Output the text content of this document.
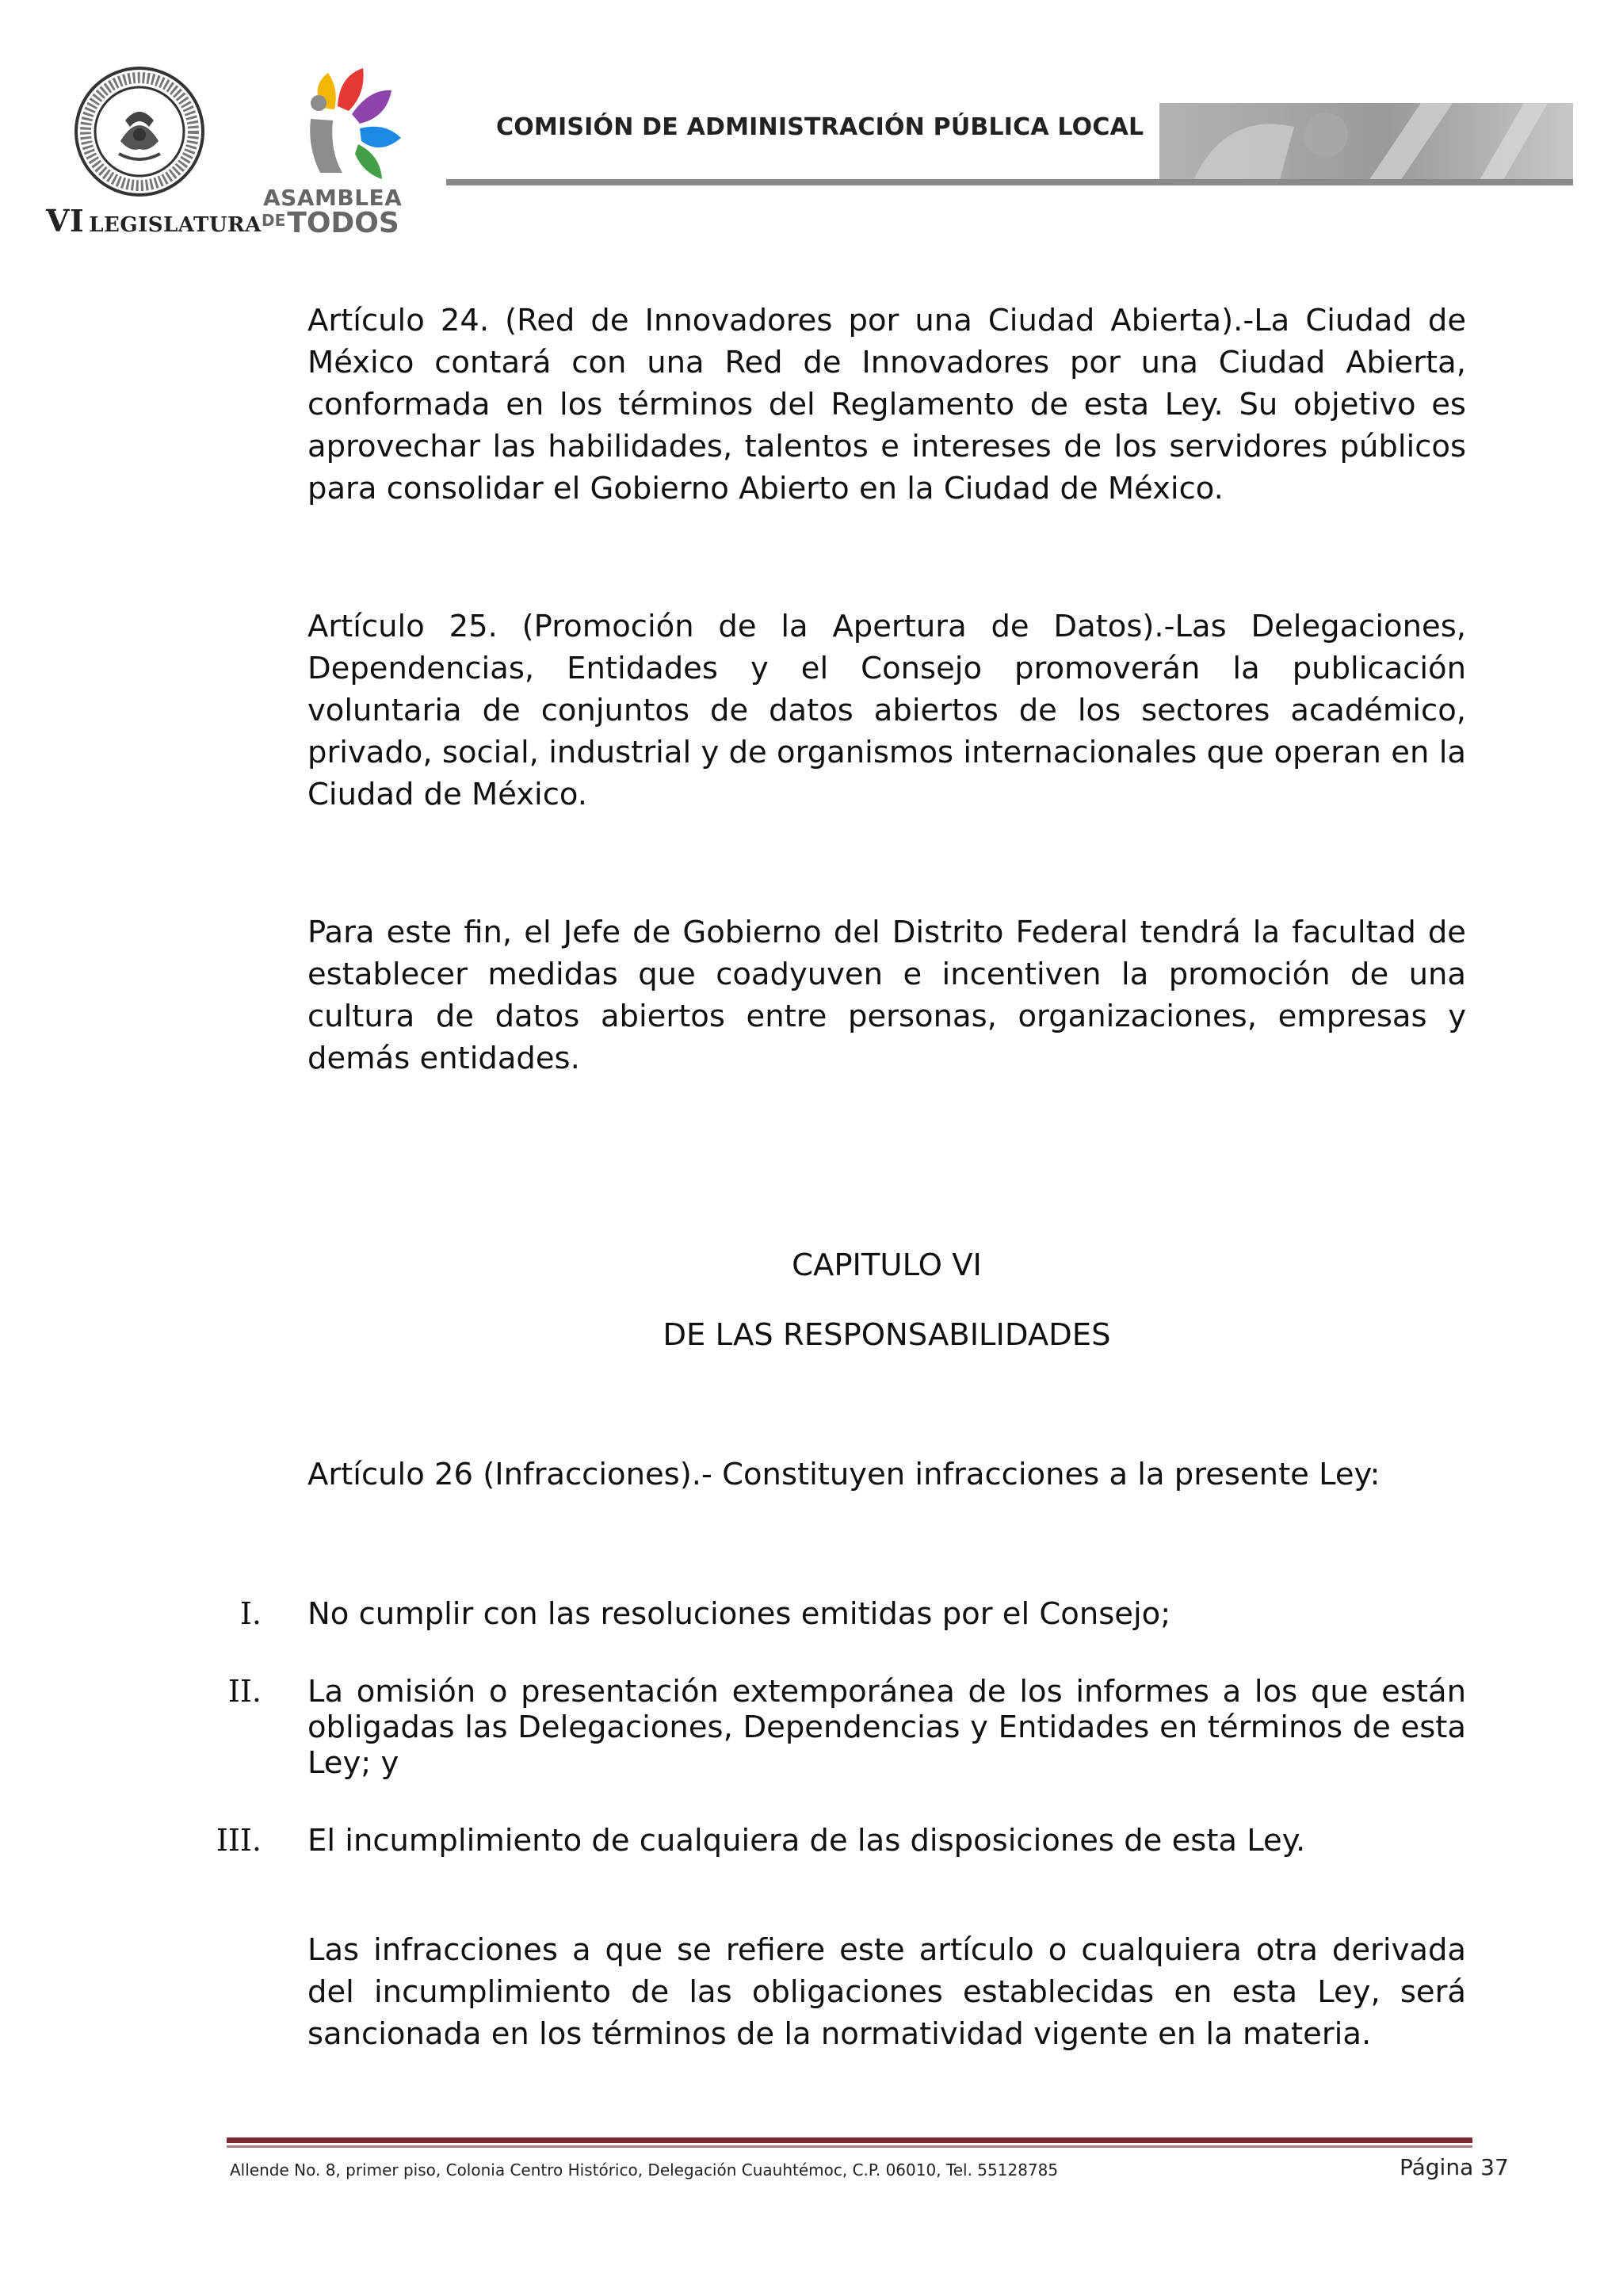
VI LEGISLATURA
ASAMBLEA
$^{DE}$TODOS
COMISIÓN DE ADMINISTRACIÓN PÚBLICA LOCAL

Artículo 24. (Red de Innovadores por una Ciudad Abierta).-La Ciudad de México contará con una Red de Innovadores por una Ciudad Abierta, conformada en los términos del Reglamento de esta Ley. Su objetivo es aprovechar las habilidades, talentos e intereses de los servidores públicos para consolidar el Gobierno Abierto en la Ciudad de México.

Artículo 25. (Promoción de la Apertura de Datos).-Las Delegaciones, Dependencias, Entidades y el Consejo promoverán la publicación voluntaria de conjuntos de datos abiertos de los sectores académico, privado, social, industrial y de organismos internacionales que operan en la Ciudad de México.

Para este fin, el Jefe de Gobierno del Distrito Federal tendrá la facultad de establecer medidas que coadyuven e incentiven la promoción de una cultura de datos abiertos entre personas, organizaciones, empresas y demás entidades.

CAPITULO VI
DE LAS RESPONSABILIDADES

Artículo 26 (Infracciones).- Constituyen infracciones a la presente Ley:

I. No cumplir con las resoluciones emitidas por el Consejo;
II. La omisión o presentación extemporánea de los informes a los que están obligadas las Delegaciones, Dependencias y Entidades en términos de esta Ley; y
III. El incumplimiento de cualquiera de las disposiciones de esta Ley.

Las infracciones a que se refiere este artículo o cualquiera otra derivada del incumplimiento de las obligaciones establecidas en esta Ley, será sancionada en los términos de la normatividad vigente en la materia.

Allende No. 8, primer piso, Colonia Centro Histórico, Delegación Cuauhtémoc, C.P. 06010, Tel. 55128785	Página 37
